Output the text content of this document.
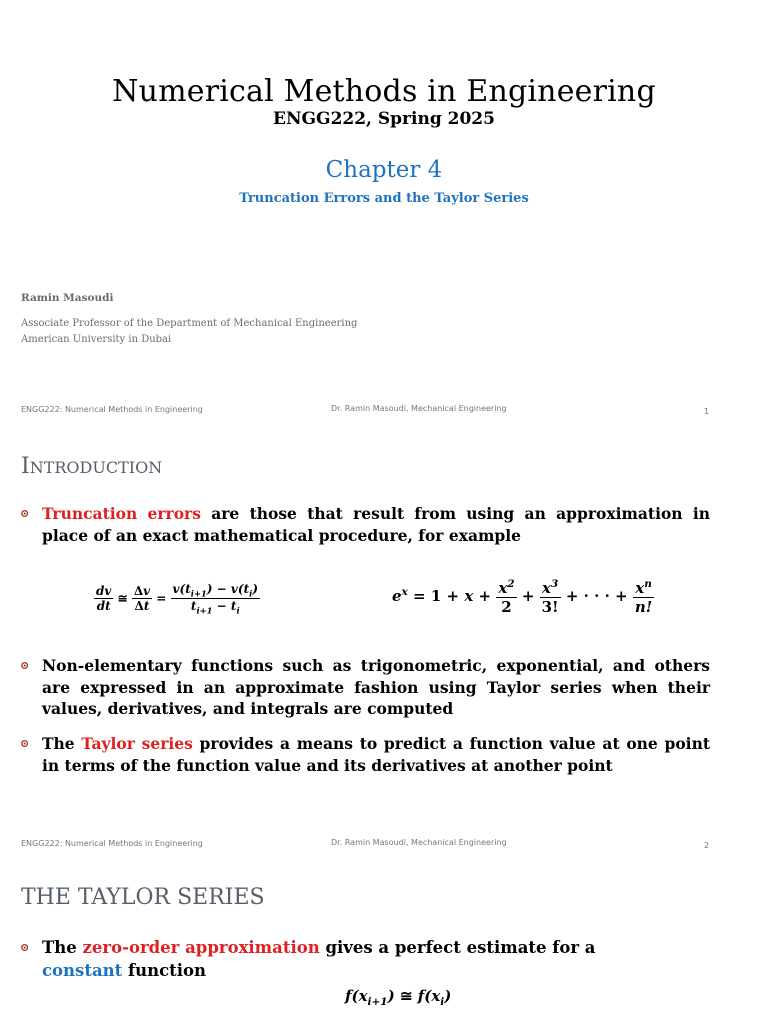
Numerical Methods in Engineering
ENGG222, Spring 2025
Chapter 4
Truncation Errors and the Taylor Series
Ramin Masoudi
Associate Professor of the Department of Mechanical Engineering
American University in Dubai
ENGG222: Numerical Methods in Engineering	Dr. Ramin Masoudi, Mechanical Engineering	1
INTRODUCTION
⊙ Truncation errors are those that result from using an approximation in place of an exact mathematical procedure, for example
$\frac{dv}{dt}$ ≅ $\frac{\Delta v}{\Delta t} = \frac{v(t_{i+1}) - v(t_i)}{t_{i+1} - t_i}$	$e^x = 1 + x + \frac{x^2}{2} + \frac{x^3}{3!}$ + · · · + $\frac{x^n}{n!}$
⊙ Non-elementary functions such as trigonometric, exponential, and others are expressed in an approximate fashion using Taylor series when their values, derivatives, and integrals are computed
⊙ The Taylor series provides a means to predict a function value at one point in terms of the function value and its derivatives at another point
ENGG222: Numerical Methods in Engineering	Dr. Ramin Masoudi, Mechanical Engineering	2
THE TAYLOR SERIES
⊙ The zero-order approximation gives a perfect estimate for a constant function
$f(x_{i+1})$ ≅ $f(x_i)$
